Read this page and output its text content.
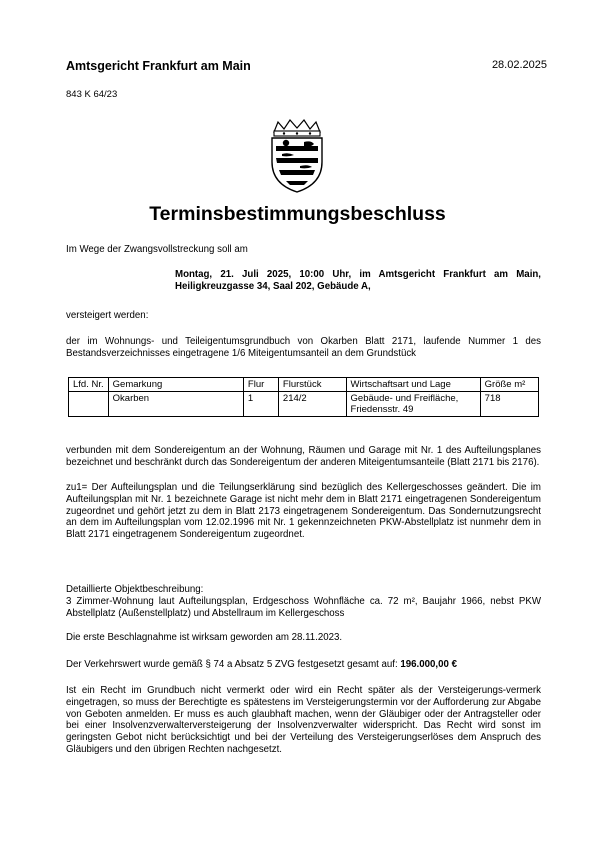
Amtsgericht Frankfurt am Main	28.02.2025
843 K 64/23
Terminsbestimmungsbeschluss
Im Wege der Zwangsvollstreckung soll am
Montag, 21. Juli 2025, 10:00 Uhr, im Amtsgericht Frankfurt am Main, Heiligkreuzgasse 34, Saal 202, Gebäude A,
versteigert werden:
der im Wohnungs- und Teileigentumsgrundbuch von Okarben Blatt 2171, laufende Nummer 1 des Bestandsverzeichnisses eingetragene 1/6 Miteigentumsanteil an dem Grundstück
Lfd. Nr.	Gemarkung	Flur	Flurstück	Wirtschaftsart und Lage	Größe m²
	Okarben	1	214/2	Gebäude- und Freifläche, Friedensstr. 49	718
verbunden mit dem Sondereigentum an der Wohnung, Räumen und Garage mit Nr. 1 des Aufteilungsplanes bezeichnet und beschränkt durch das Sondereigentum der anderen Miteigentumsanteile (Blatt 2171 bis 2176).
zu1= Der Aufteilungsplan und die Teilungserklärung sind bezüglich des Kellergeschosses geändert. Die im Aufteilungsplan mit Nr. 1 bezeichnete Garage ist nicht mehr dem in Blatt 2171 eingetragenen Sondereigentum zugeordnet und gehört jetzt zu dem in Blatt 2173 eingetragenem Sondereigentum. Das Sondernutzungsrecht an dem im Aufteilungsplan vom 12.02.1996 mit Nr. 1 gekennzeichneten PKW-Abstellplatz ist nunmehr dem in Blatt 2171 eingetragenem Sondereigentum zugeordnet.
Detaillierte Objektbeschreibung:
3 Zimmer-Wohnung laut Aufteilungsplan, Erdgeschoss Wohnfläche ca. 72 m², Baujahr 1966, nebst PKW Abstellplatz (Außenstellplatz) und Abstellraum im Kellergeschoss
Die erste Beschlagnahme ist wirksam geworden am 28.11.2023.
Der Verkehrswert wurde gemäß § 74 a Absatz 5 ZVG festgesetzt gesamt auf: 196.000,00 €
Ist ein Recht im Grundbuch nicht vermerkt oder wird ein Recht später als der Versteigerungs-vermerk eingetragen, so muss der Berechtigte es spätestens im Versteigerungstermin vor der Aufforderung zur Abgabe von Geboten anmelden. Er muss es auch glaubhaft machen, wenn der Gläubiger oder der Antragsteller oder bei einer Insolvenzverwalterversteigerung der Insolvenzverwalter widerspricht. Das Recht wird sonst im geringsten Gebot nicht berücksichtigt und bei der Verteilung des Versteigerungserlöses dem Anspruch des Gläubigers und den übrigen Rechten nachgesetzt.
